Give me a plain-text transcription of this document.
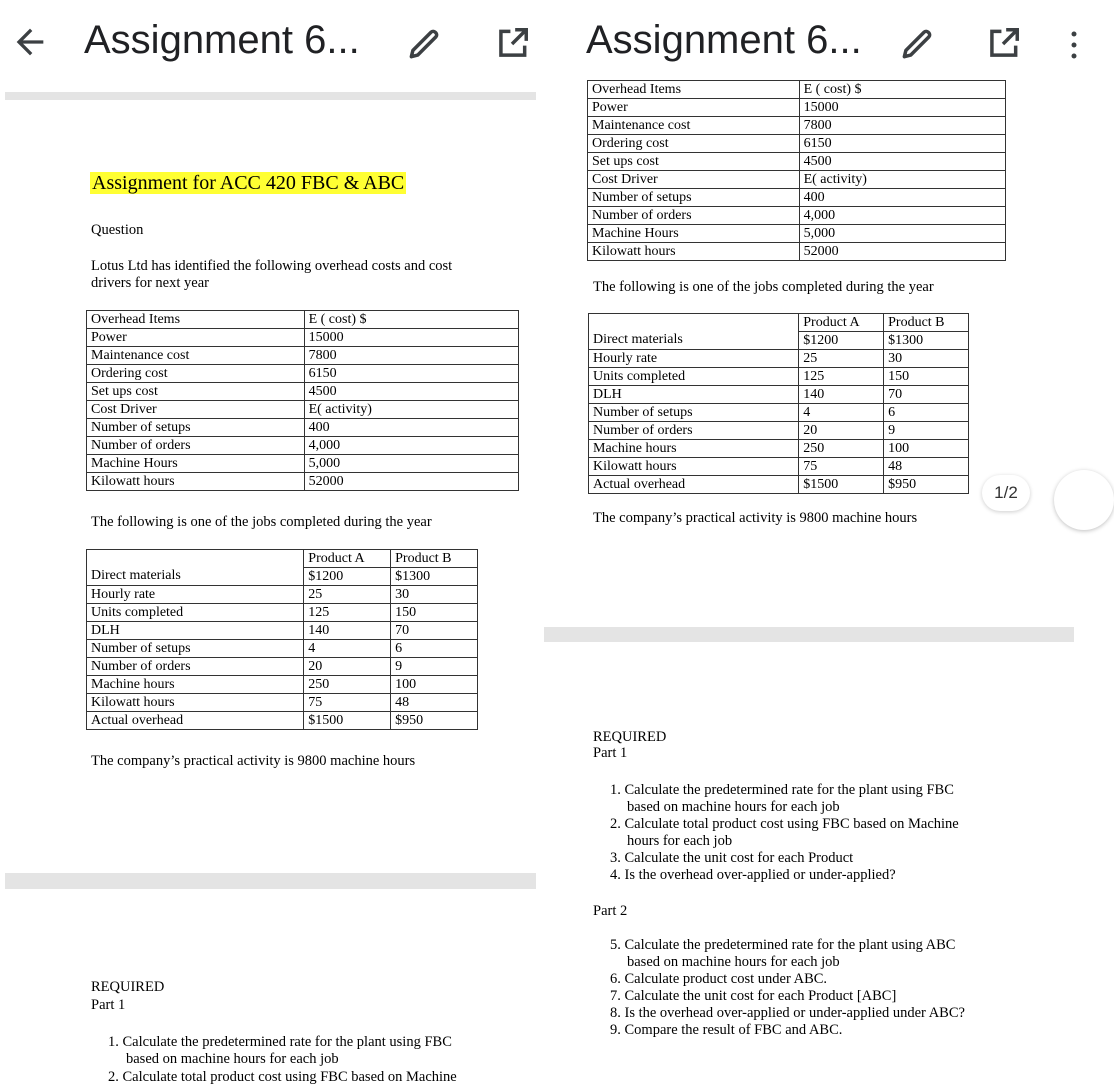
Assignment 6...
Assignment for ACC 420 FBC & ABC
Question
Lotus Ltd has identified the following overhead costs and cost
drivers for next year
Overhead Items	E ( cost) $
Power	15000
Maintenance cost	7800
Ordering cost	6150
Set ups cost	4500
Cost Driver	E( activity)
Number of setups	400
Number of orders	4,000
Machine Hours	5,000
Kilowatt hours	52000
The following is one of the jobs completed during the year
	Product A	Product B
Direct materials	$1200	$1300
Hourly rate	25	30
Units completed	125	150
DLH	140	70
Number of setups	4	6
Number of orders	20	9
Machine hours	250	100
Kilowatt hours	75	48
Actual overhead	$1500	$950
The company’s practical activity is 9800 machine hours
REQUIRED
Part 1
1. Calculate the predetermined rate for the plant using FBC
based on machine hours for each job
2. Calculate total product cost using FBC based on Machine
Assignment 6...
Overhead Items	E ( cost) $
Power	15000
Maintenance cost	7800
Ordering cost	6150
Set ups cost	4500
Cost Driver	E( activity)
Number of setups	400
Number of orders	4,000
Machine Hours	5,000
Kilowatt hours	52000
The following is one of the jobs completed during the year
	Product A	Product B
Direct materials	$1200	$1300
Hourly rate	25	30
Units completed	125	150
DLH	140	70
Number of setups	4	6
Number of orders	20	9
Machine hours	250	100
Kilowatt hours	75	48
Actual overhead	$1500	$950
The company’s practical activity is 9800 machine hours
REQUIRED
Part 1
1. Calculate the predetermined rate for the plant using FBC
based on machine hours for each job
2. Calculate total product cost using FBC based on Machine
hours for each job
3. Calculate the unit cost for each Product
4. Is the overhead over-applied or under-applied?
Part 2
5. Calculate the predetermined rate for the plant using ABC
based on machine hours for each job
6. Calculate product cost under ABC.
7. Calculate the unit cost for each Product [ABC]
8. Is the overhead over-applied or under-applied under ABC?
9. Compare the result of FBC and ABC.
1/2
